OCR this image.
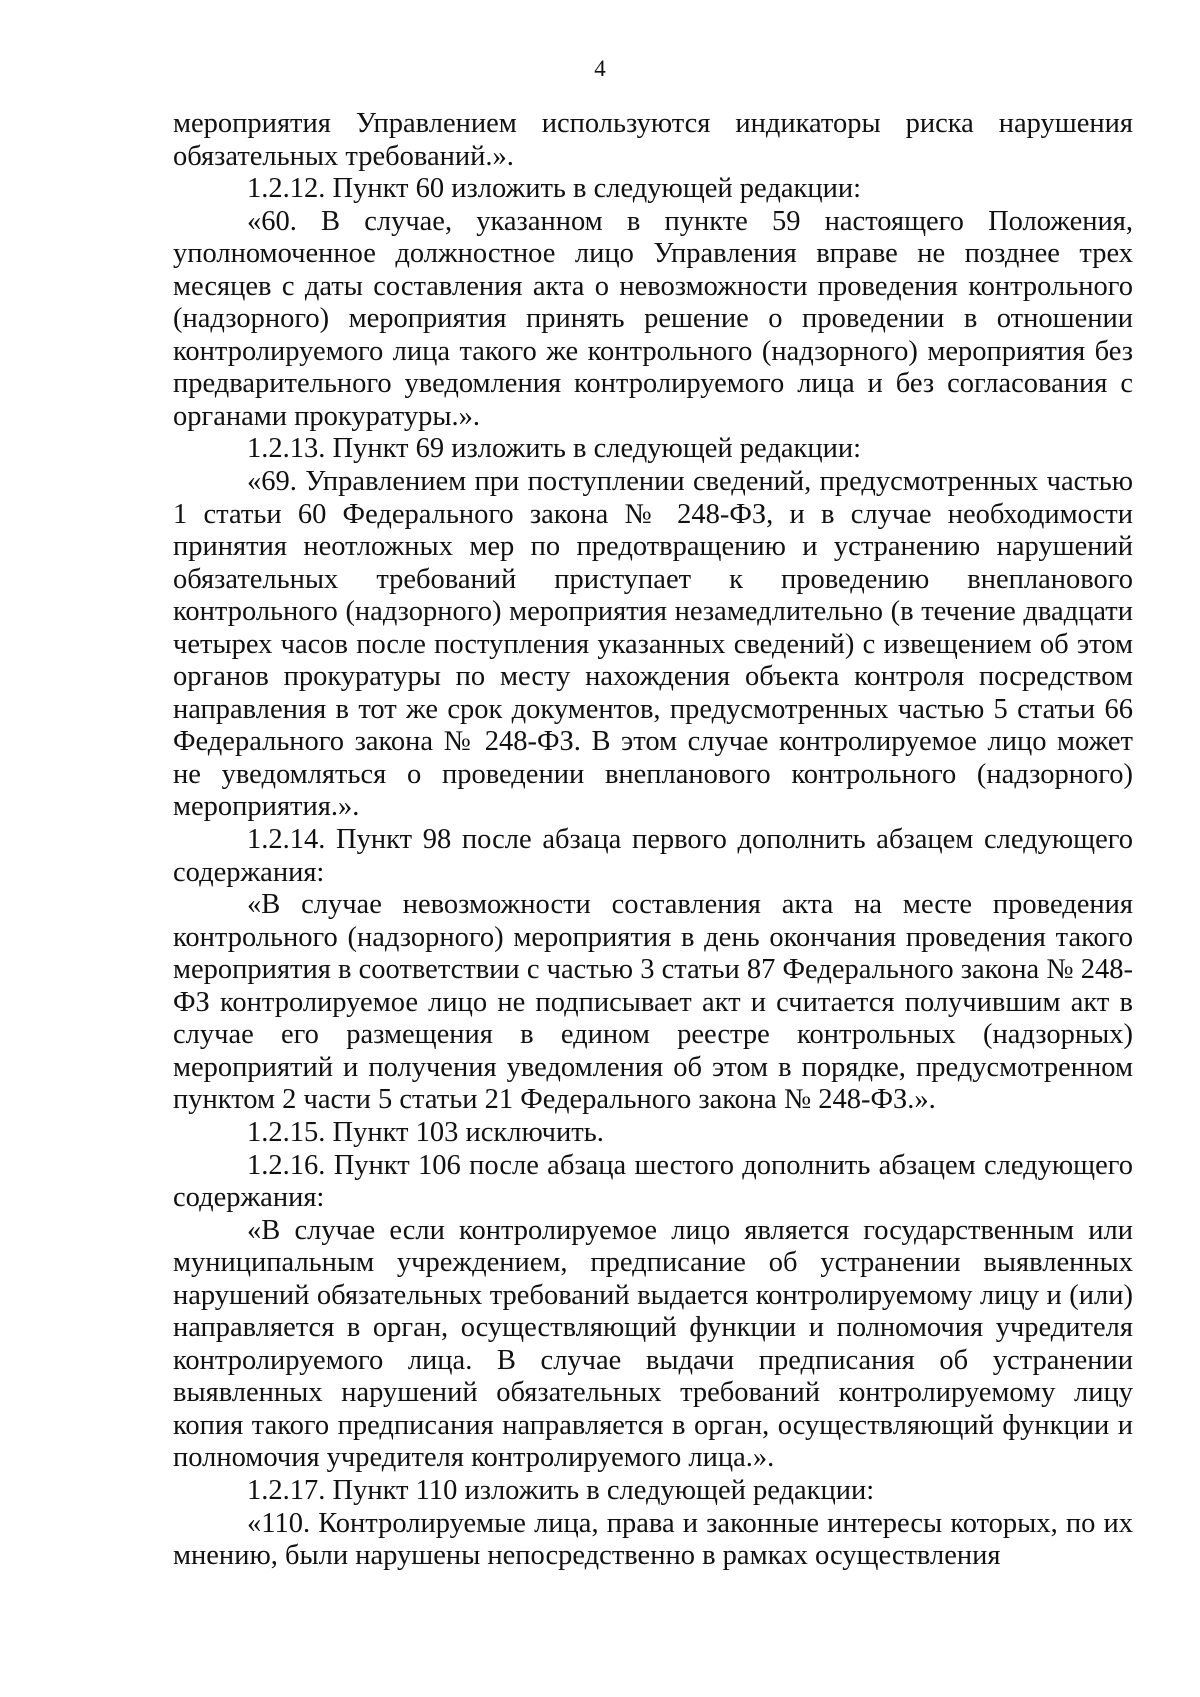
4

мероприятия Управлением используются индикаторы риска нарушения обязательных требований.».

1.2.12. Пункт 60 изложить в следующей редакции:

«60. В случае, указанном в пункте 59 настоящего Положения, уполномоченное должностное лицо Управления вправе не позднее трех месяцев с даты составления акта о невозможности проведения контрольного (надзорного) мероприятия принять решение о проведении в отношении контролируемого лица такого же контрольного (надзорного) мероприятия без предварительного уведомления контролируемого лица и без согласования с органами прокуратуры.».

1.2.13. Пункт 69 изложить в следующей редакции:

«69. Управлением при поступлении сведений, предусмотренных частью 1 статьи 60 Федерального закона № 248-ФЗ, и в случае необходимости принятия неотложных мер по предотвращению и устранению нарушений обязательных требований приступает к проведению внепланового контрольного (надзорного) мероприятия незамедлительно (в течение двадцати четырех часов после поступления указанных сведений) с извещением об этом органов прокуратуры по месту нахождения объекта контроля посредством направления в тот же срок документов, предусмотренных частью 5 статьи 66 Федерального закона № 248-ФЗ. В этом случае контролируемое лицо может не уведомляться о проведении внепланового контрольного (надзорного) мероприятия.».

1.2.14. Пункт 98 после абзаца первого дополнить абзацем следующего содержания:

«В случае невозможности составления акта на месте проведения контрольного (надзорного) мероприятия в день окончания проведения такого мероприятия в соответствии с частью 3 статьи 87 Федерального закона № 248-ФЗ контролируемое лицо не подписывает акт и считается получившим акт в случае его размещения в едином реестре контрольных (надзорных) мероприятий и получения уведомления об этом в порядке, предусмотренном пунктом 2 части 5 статьи 21 Федерального закона № 248-ФЗ.».

1.2.15. Пункт 103 исключить.

1.2.16. Пункт 106 после абзаца шестого дополнить абзацем следующего содержания:

«В случае если контролируемое лицо является государственным или муниципальным учреждением, предписание об устранении выявленных нарушений обязательных требований выдается контролируемому лицу и (или) направляется в орган, осуществляющий функции и полномочия учредителя контролируемого лица. В случае выдачи предписания об устранении выявленных нарушений обязательных требований контролируемому лицу копия такого предписания направляется в орган, осуществляющий функции и полномочия учредителя контролируемого лица.».

1.2.17. Пункт 110 изложить в следующей редакции:

«110. Контролируемые лица, права и законные интересы которых, по их мнению, были нарушены непосредственно в рамках осуществления
